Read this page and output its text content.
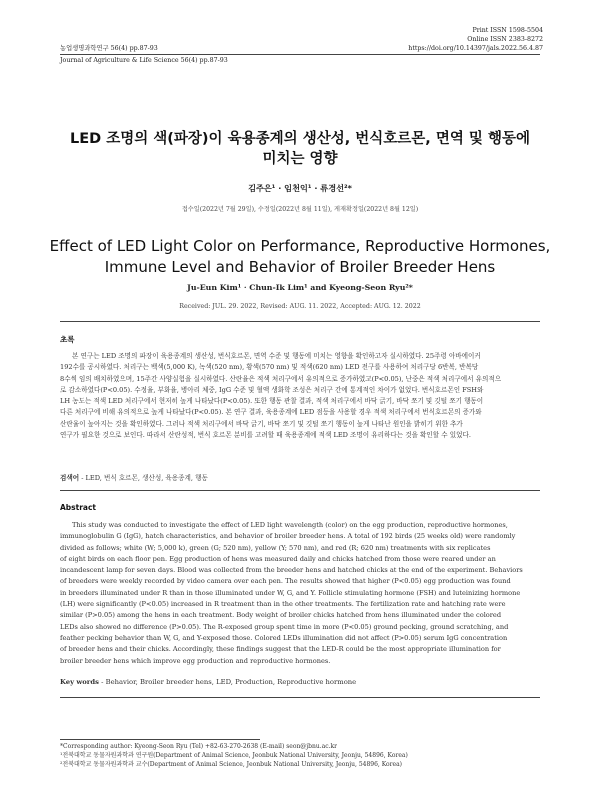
Print ISSN 1598-5504
Online ISSN 2383-8272
농업생명과학연구 56(4) pp.87-93	https://doi.org/10.14397/jals.2022.56.4.87
Journal of Agriculture & Life Science 56(4) pp.87-93
LED 조명의 색(파장)이 육용종계의 생산성, 번식호르몬, 면역 및 행동에
미치는 영향
김주은¹ · 임천익¹ · 류경선²*
접수일(2022년 7월 29일), 수정일(2022년 8월 11일), 게재확정일(2022년 8월 12일)
Effect of LED Light Color on Performance, Reproductive Hormones,
Immune Level and Behavior of Broiler Breeder Hens
Ju-Eun Kim¹ · Chun-Ik Lim¹ and Kyeong-Seon Ryu²*
Received: JUL. 29. 2022, Revised: AUG. 11. 2022, Accepted: AUG. 12. 2022
초록
본 연구는 LED 조명의 파장이 육용종계의 생산성, 번식호르몬, 면역 수준 및 행동에 미치는 영향을 확인하고자 실시하였다. 25주령 아바에이커
192수를 공시하였다. 처리구는 백색(5,000 K), 녹색(520 nm), 황색(570 nm) 및 적색(620 nm) LED 전구를 사용하여 처리구당 6반복, 반복당
8수씩 임의 배치하였으며, 15주간 사양실험을 실시하였다. 산란율은 적색 처리구에서 유의적으로 증가하였고(P<0.05), 난중은 적색 처리구에서 유의적으
로 감소하였다(P<0.05). 수정율, 부화율, 병아리 체중, IgG 수준 및 혈액 생화학 조성은 처리구 간에 통계적인 차이가 없었다. 번식호르몬인 FSH와
LH 농도는 적색 LED 처리구에서 현저히 높게 나타났다(P<0.05). 또한 행동 관찰 결과, 적색 처리구에서 바닥 긁기, 바닥 쪼기 및 깃털 쪼기 행동이
다른 처리구에 비해 유의적으로 높게 나타났다(P<0.05). 본 연구 결과, 육용종계에 LED 점등을 사용할 경우 적색 처리구에서 번식호르몬의 증가와
산란율이 높아지는 것을 확인하였다. 그러나 적색 처리구에서 바닥 긁기, 바닥 쪼기 및 깃털 쪼기 행동이 높게 나타난 원인을 밝히기 위한 추가
연구가 필요한 것으로 보인다. 따라서 산란성적, 번식 호르몬 분비를 고려할 때 육용종계에 적색 LED 조명이 유리하다는 것을 확인할 수 있었다.
검색어 - LED, 번식 호르몬, 생산성, 육용종계, 행동
Abstract
This study was conducted to investigate the effect of LED light wavelength (color) on the egg production, reproductive hormones,
immunoglobulin G (IgG), hatch characteristics, and behavior of broiler breeder hens. A total of 192 birds (25 weeks old) were randomly
divided as follows; white (W; 5,000 k), green (G; 520 nm), yellow (Y; 570 nm), and red (R; 620 nm) treatments with six replicates
of eight birds on each floor pen. Egg production of hens was measured daily and chicks hatched from those were reared under an
incandescent lamp for seven days. Blood was collected from the breeder hens and hatched chicks at the end of the experiment. Behaviors
of breeders were weekly recorded by video camera over each pen. The results showed that higher (P<0.05) egg production was found
in breeders illuminated under R than in those illuminated under W, G, and Y. Follicle stimulating hormone (FSH) and luteinizing hormone
(LH) were significantly (P<0.05) increased in R treatment than in the other treatments. The fertilization rate and hatching rate were
similar (P>0.05) among the hens in each treatment. Body weight of broiler chicks hatched from hens illuminated under the colored
LEDs also showed no difference (P>0.05). The R-exposed group spent time in more (P<0.05) ground pecking, ground scratching, and
feather pecking behavior than W, G, and Y-exposed those. Colored LEDs illumination did not affect (P>0.05) serum IgG concentration
of breeder hens and their chicks. Accordingly, these findings suggest that the LED-R could be the most appropriate illumination for
broiler breeder hens which improve egg production and reproductive hormones.
Key words - Behavior, Broiler breeder hens, LED, Production, Reproductive hormone
*Corresponding author: Kyeong-Seon Ryu (Tel) +82-63-270-2638 (E-mail) seon@jbnu.ac.kr
¹전북대학교 동물자원과학과 연구원(Department of Animal Science, Jeonbuk National University, Jeonju, 54896, Korea)
²전북대학교 동물자원과학과 교수(Department of Animal Science, Jeonbuk National University, Jeonju, 54896, Korea)
